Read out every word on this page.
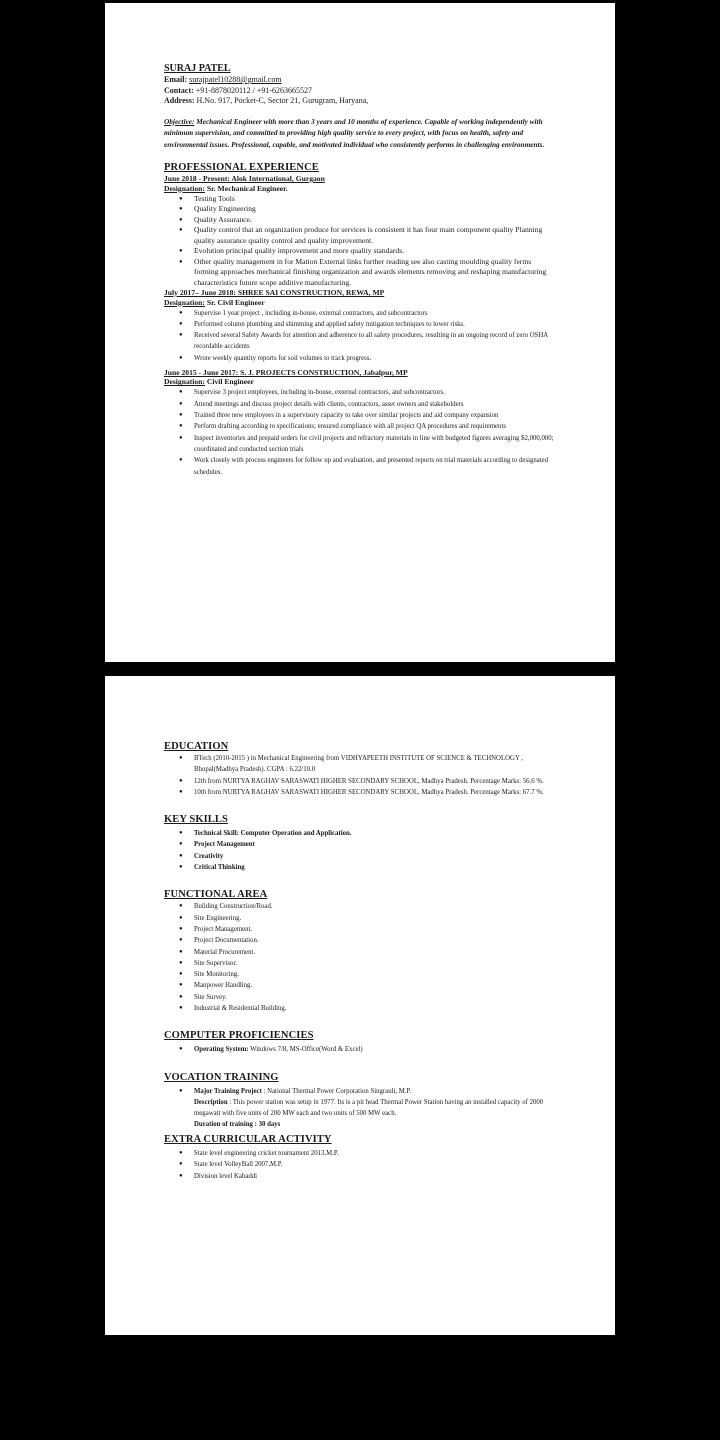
SURAJ PATEL
Email: surajpatel10288@gmail.com
Contact: +91-8878020112 / +91-6263665527
Address: H.No. 917, Pocket-C, Sector 21, Gurugram, Haryana,
Objective: Mechanical Engineer with more than 3 years and 10 months of experience. Capable of working independently with minimum supervision, and committed to providing high quality service to every project, with focus on health, safety and environmental issues. Professional, capable, and motivated individual who consistently performs in challenging environments.
PROFESSIONAL EXPERIENCE
June 2018 - Present: Alok International, Gurgaon
Designation: Sr. Mechanical Engineer.
● Testing Tools
● Quality Engineering
● Quality Assurance.
● Quality control that an organization produce for services is consistent it has four main component quality Planning quality assurance quality control and quality improvement.
● Evolution principal quality improvement and more quality standards.
● Other quality management in for Mation External links further reading see also casting moulding quality ferms forming approaches mechanical finishing organization and awards elements removing and reshaping manufacturing characteristics future scope additive manufacturing.
July 2017– June 2018: SHREE SAI CONSTRUCTION, REWA, MP
Designation: Sr. Civil Engineer
● Supervise 1 year project , including in-house, external contractors, and subcontractors
● Performed column plumbing and shimming and applied safety mitigation techniques to lower risks.
● Received several Safety Awards for attention and adherence to all safety procedures, resulting in an ongoing record of zero OSHA recordable accidents
● Wrote weekly quantity reports for soil volumes to track progress.
June 2015 - June 2017: S. J. PROJECTS CONSTRUCTION, Jabalpur, MP
Designation: Civil Engineer
● Supervise 3 project employees, including in-house, external contractors, and subcontractors.
● Attend meetings and discuss project details with clients, contractors, asset owners and stakeholders
● Trained three new employees in a supervisory capacity to take over similar projects and aid company expansion
● Perform drafting according to specifications; ensured compliance with all project QA procedures and requirements
● Inspect inventories and prepaid orders for civil projects and refractory materials in line with budgeted figures averaging $2,000,000; coordinated and conducted section trials
● Work closely with process engineers for follow up and evaluation, and presented reports on trial materials according to designated schedules.
EDUCATION
● BTech (2010-2015 ) in Mechanical Engineering from VIDHYAPEETH INSTITUTE OF SCIENCE & TECHNOLOGY , Bhopal(Madhya Pradesh). CGPA : 6.22/10.0
● 12th from NURTYA RAGHAV SARASWATI HIGHER SECONDARY SCHOOL, Madhya Pradesh. Percentage Marks: 56.6 %.
● 10th from NURTYA RAGHAV SARASWATI HIGHER SECONDARY SCHOOL, Madhya Pradesh. Percentage Marks: 67.7 %.
KEY SKILLS
● Technical Skill: Computer Operation and Application.
● Project Management
● Creativity
● Critical Thinking
FUNCTIONAL AREA
● Building Construction/Road.
● Site Engineering.
● Project Management.
● Project Documentation.
● Material Procurement.
● Site Supervisor.
● Site Monitoring.
● Manpower Handling.
● Site Survey.
● Industrial & Residential Building.
COMPUTER PROFICIENCIES
● Operating System: Windows 7/8, MS-Office(Word & Excel)
VOCATION TRAINING
● Major Training Project : National Thermal Power Corporation Singrauli, M.P.
Description : This power station was setup in 1977. Its is a pit head Thermal Power Station having an installed capacity of 2000 megawatt with five units of 200 MW each and two units of 500 MW each.
Duration of training : 30 days
EXTRA CURRICULAR ACTIVITY
● State level engineering cricket tournament 2013,M.P.
● State level VolleyBall 2007,M.P.
● Division level Kabaddi
